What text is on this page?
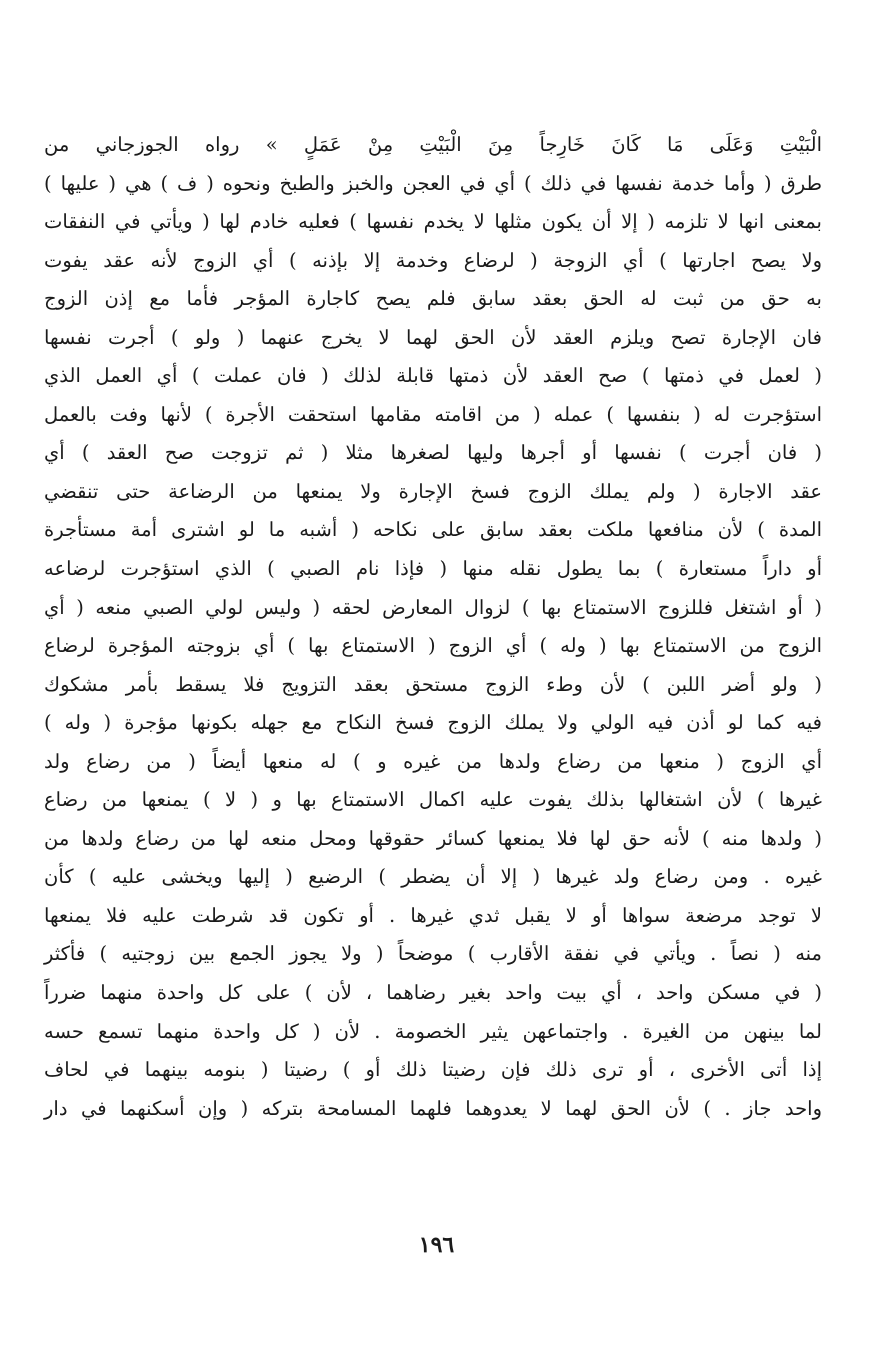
الْبَيْتِ وَعَلَى مَا كَانَ خَارِجاً مِنَ الْبَيْتِ مِنْ عَمَلٍ » رواه الجوزجاني من
طرق ( وأما خدمة نفسها في ذلك ) أي في العجن والخبز والطبخ ونحوه ( ف ) هي ( عليها )
بمعنى انها لا تلزمه ( إلا أن يكون مثلها لا يخدم نفسها ) فعليه خادم لها ( ويأتي في النفقات
ولا يصح اجارتها ) أي الزوجة ( لرضاع وخدمة إلا بإذنه ) أي الزوج لأنه عقد يفوت
به حق من ثبت له الحق بعقد سابق فلم يصح كاجارة المؤجر فأما مع إذن الزوج
فان الإجارة تصح ويلزم العقد لأن الحق لهما لا يخرج عنهما ( ولو ) أجرت نفسها
( لعمل في ذمتها ) صح العقد لأن ذمتها قابلة لذلك ( فان عملت ) أي العمل الذي
استؤجرت له ( بنفسها ) عمله ( من اقامته مقامها استحقت الأجرة ) لأنها وفت بالعمل
( فان أجرت ) نفسها أو أجرها وليها لصغرها مثلا ( ثم تزوجت صح العقد ) أي
عقد الاجارة ( ولم يملك الزوج فسخ الإجارة ولا يمنعها من الرضاعة حتى تنقضي
المدة ) لأن منافعها ملكت بعقد سابق على نكاحه ( أشبه ما لو اشترى أمة مستأجرة
أو داراً مستعارة ) بما يطول نقله منها ( فإذا نام الصبي ) الذي استؤجرت لرضاعه
( أو اشتغل فللزوج الاستمتاع بها ) لزوال المعارض لحقه ( وليس لولي الصبي منعه ( أي
الزوج من الاستمتاع بها ( وله ) أي الزوج ( الاستمتاع بها ) أي بزوجته المؤجرة لرضاع
( ولو أضر اللبن ) لأن وطء الزوج مستحق بعقد التزويج فلا يسقط بأمر مشكوك
فيه كما لو أذن فيه الولي ولا يملك الزوج فسخ النكاح مع جهله بكونها مؤجرة ( وله )
أي الزوج ( منعها من رضاع ولدها من غيره و ) له منعها أيضاً ( من رضاع ولد
غيرها ) لأن اشتغالها بذلك يفوت عليه اكمال الاستمتاع بها و ( لا ) يمنعها من رضاع
( ولدها منه ) لأنه حق لها فلا يمنعها كسائر حقوقها ومحل منعه لها من رضاع ولدها من
غيره . ومن رضاع ولد غيرها ( إلا أن يضطر ) الرضيع ( إليها ويخشى عليه ) كأن
لا توجد مرضعة سواها أو لا يقبل ثدي غيرها . أو تكون قد شرطت عليه فلا يمنعها
منه ( نصاً . ويأتي في نفقة الأقارب ) موضحاً ( ولا يجوز الجمع بين زوجتيه ) فأكثر
( في مسكن واحد ، أي بيت واحد بغير رضاهما ، لأن ) على كل واحدة منهما ضرراً
لما بينهن من الغيرة . واجتماعهن يثير الخصومة . لأن ( كل واحدة منهما تسمع حسه
إذا أتى الأخرى ، أو ترى ذلك فإن رضيتا ذلك أو ) رضيتا ( بنومه بينهما في لحاف
واحد جاز . ) لأن الحق لهما لا يعدوهما فلهما المسامحة بتركه ( وإن أسكنهما في دار
١٩٦
